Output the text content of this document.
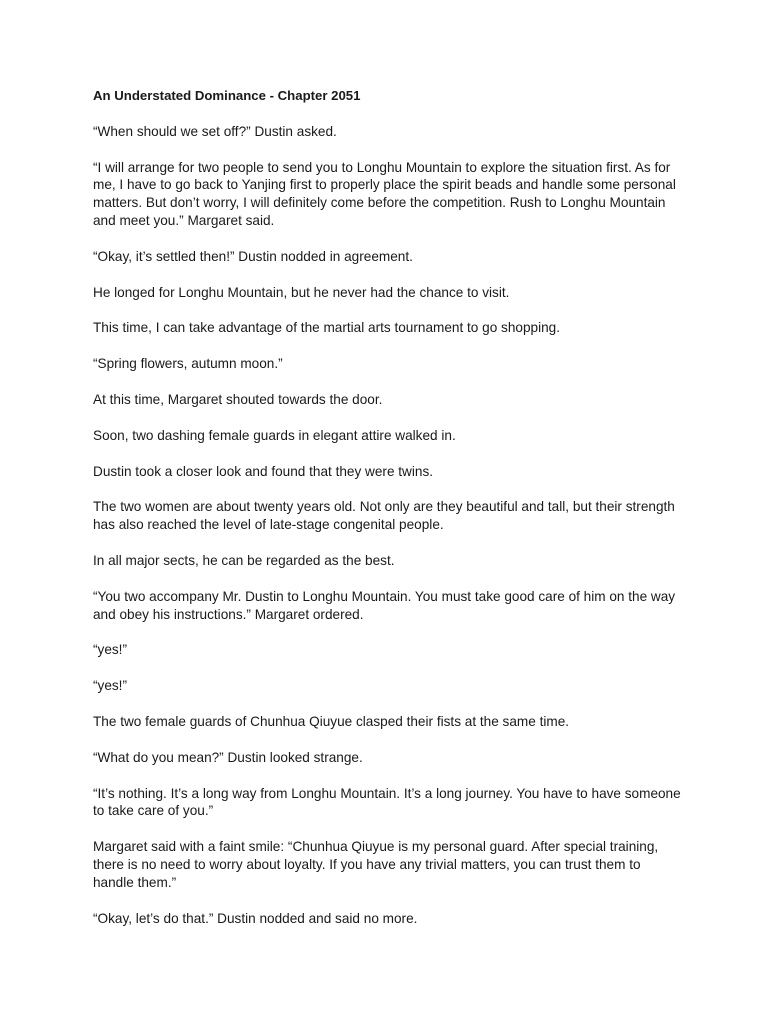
An Understated Dominance - Chapter 2051

“When should we set off?” Dustin asked.

“I will arrange for two people to send you to Longhu Mountain to explore the situation first. As for me, I have to go back to Yanjing first to properly place the spirit beads and handle some personal matters. But don’t worry, I will definitely come before the competition. Rush to Longhu Mountain and meet you.” Margaret said.

“Okay, it’s settled then!” Dustin nodded in agreement.

He longed for Longhu Mountain, but he never had the chance to visit.

This time, I can take advantage of the martial arts tournament to go shopping.

“Spring flowers, autumn moon.”

At this time, Margaret shouted towards the door.

Soon, two dashing female guards in elegant attire walked in.

Dustin took a closer look and found that they were twins.

The two women are about twenty years old. Not only are they beautiful and tall, but their strength has also reached the level of late-stage congenital people.

In all major sects, he can be regarded as the best.

“You two accompany Mr. Dustin to Longhu Mountain. You must take good care of him on the way and obey his instructions.” Margaret ordered.

“yes!”

“yes!”

The two female guards of Chunhua Qiuyue clasped their fists at the same time.

“What do you mean?” Dustin looked strange.

“It’s nothing. It’s a long way from Longhu Mountain. It’s a long journey. You have to have someone to take care of you.”

Margaret said with a faint smile: “Chunhua Qiuyue is my personal guard. After special training, there is no need to worry about loyalty. If you have any trivial matters, you can trust them to handle them.”

“Okay, let’s do that.” Dustin nodded and said no more.
